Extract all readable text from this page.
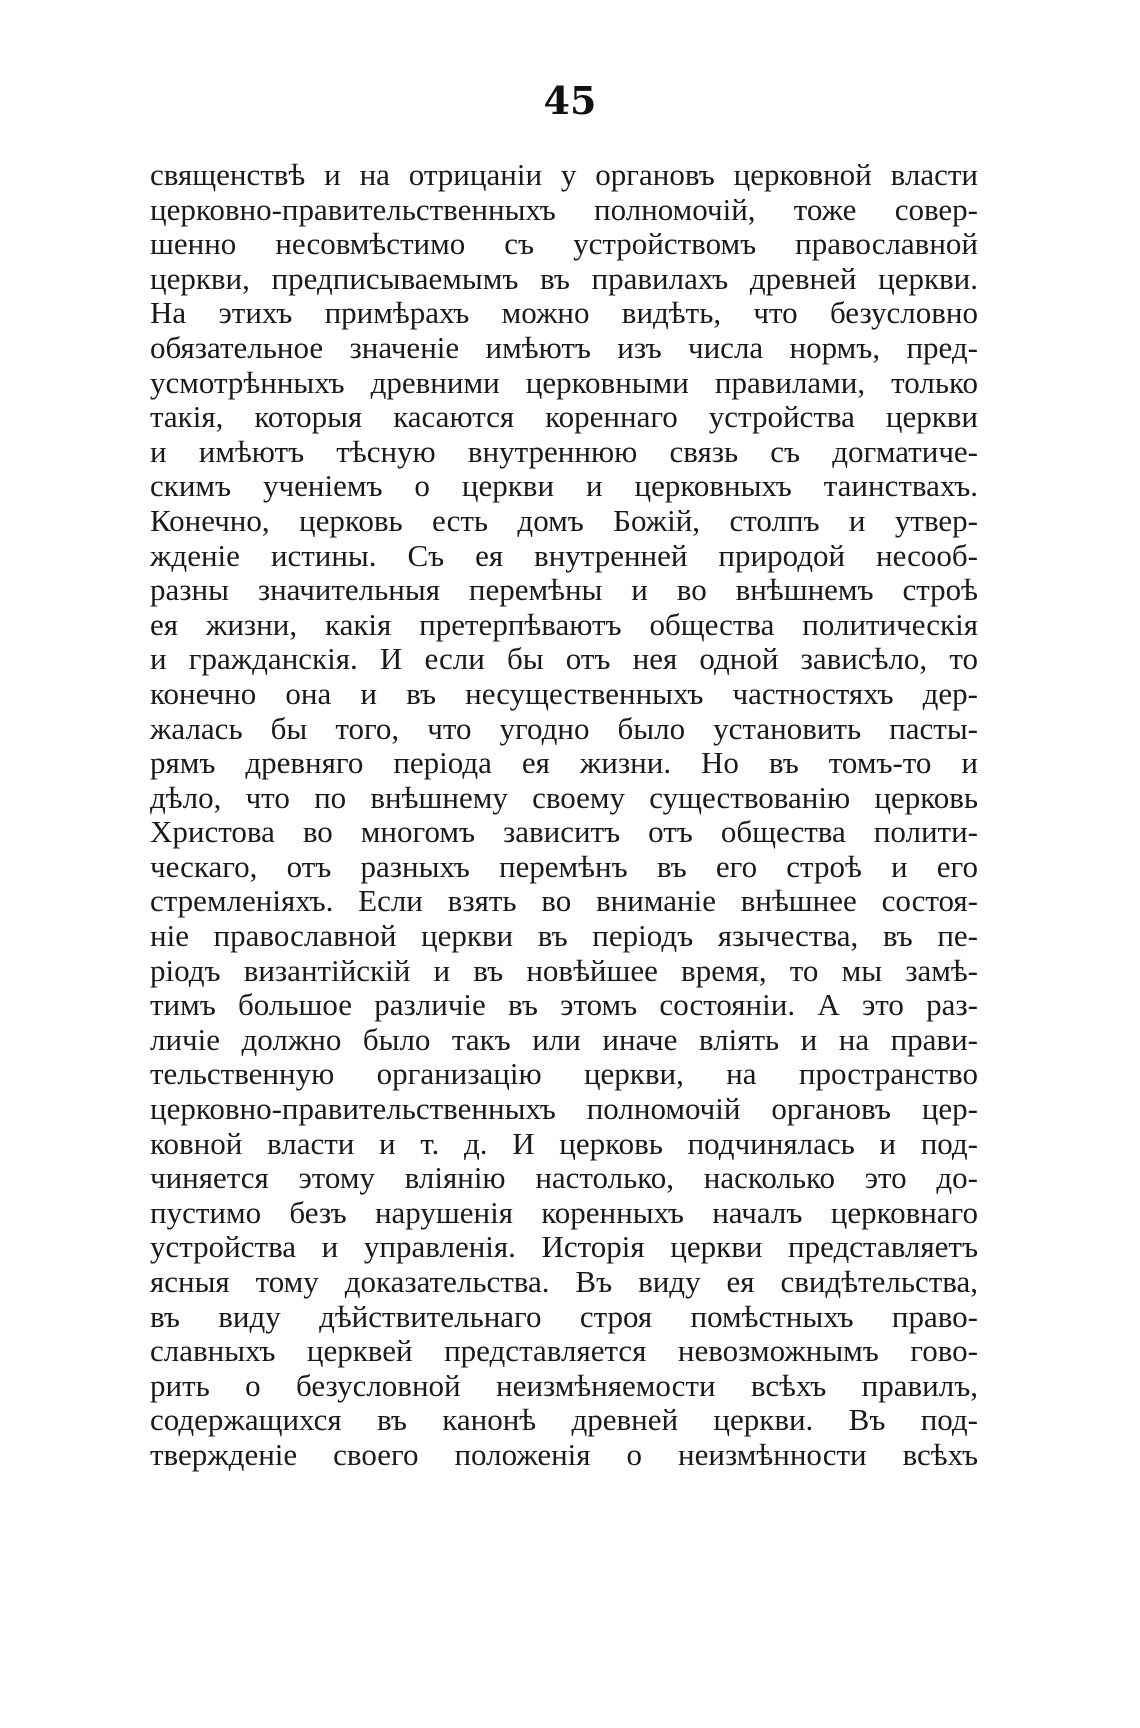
45
священствѣ и на отрицанiи у органовъ церковной власти
церковно-правительственныхъ полномочiй, тоже совер-
шенно несовмѣстимо съ устройствомъ православной
церкви, предписываемымъ въ правилахъ древней церкви.
На этихъ примѣрахъ можно видѣть, что безусловно
обязательное значенiе имѣютъ изъ числа нормъ, пред-
усмотрѣнныхъ древними церковными правилами, только
такiя, которыя касаются кореннаго устройства церкви
и имѣютъ тѣсную внутреннюю связь съ догматиче-
скимъ ученiемъ о церкви и церковныхъ таинствахъ.
Конечно, церковь есть домъ Божiй, столпъ и утвер-
жденiе истины. Съ ея внутренней природой несооб-
разны значительныя перемѣны и во внѣшнемъ строѣ
ея жизни, какiя претерпѣваютъ общества политическiя
и гражданскiя. И если бы отъ нея одной зависѣло, то
конечно она и въ несущественныхъ частностяхъ дер-
жалась бы того, что угодно было установить пасты-
рямъ древняго перiода ея жизни. Но въ томъ-то и
дѣло, что по внѣшнему своему существованiю церковь
Христова во многомъ зависитъ отъ общества полити-
ческаго, отъ разныхъ перемѣнъ въ его строѣ и его
стремленiяхъ. Если взять во вниманiе внѣшнее состоя-
нiе православной церкви въ перiодъ язычества, въ пе-
рiодъ византiйскiй и въ новѣйшее время, то мы замѣ-
тимъ большое различiе въ этомъ состоянiи. А это раз-
личiе должно было такъ или иначе влiять и на прави-
тельственную организацiю церкви, на пространство
церковно-правительственныхъ полномочiй органовъ цер-
ковной власти и т. д. И церковь подчинялась и под-
чиняется этому влiянiю настолько, насколько это до-
пустимо безъ нарушенiя коренныхъ началъ церковнаго
устройства и управленiя. Исторiя церкви представляетъ
ясныя тому доказательства. Въ виду ея свидѣтельства,
въ виду дѣйствительнаго строя помѣстныхъ право-
славныхъ церквей представляется невозможнымъ гово-
рить о безусловной неизмѣняемости всѣхъ правилъ,
содержащихся въ канонѣ древней церкви. Въ под-
твержденiе своего положенiя о неизмѣнности всѣхъ
